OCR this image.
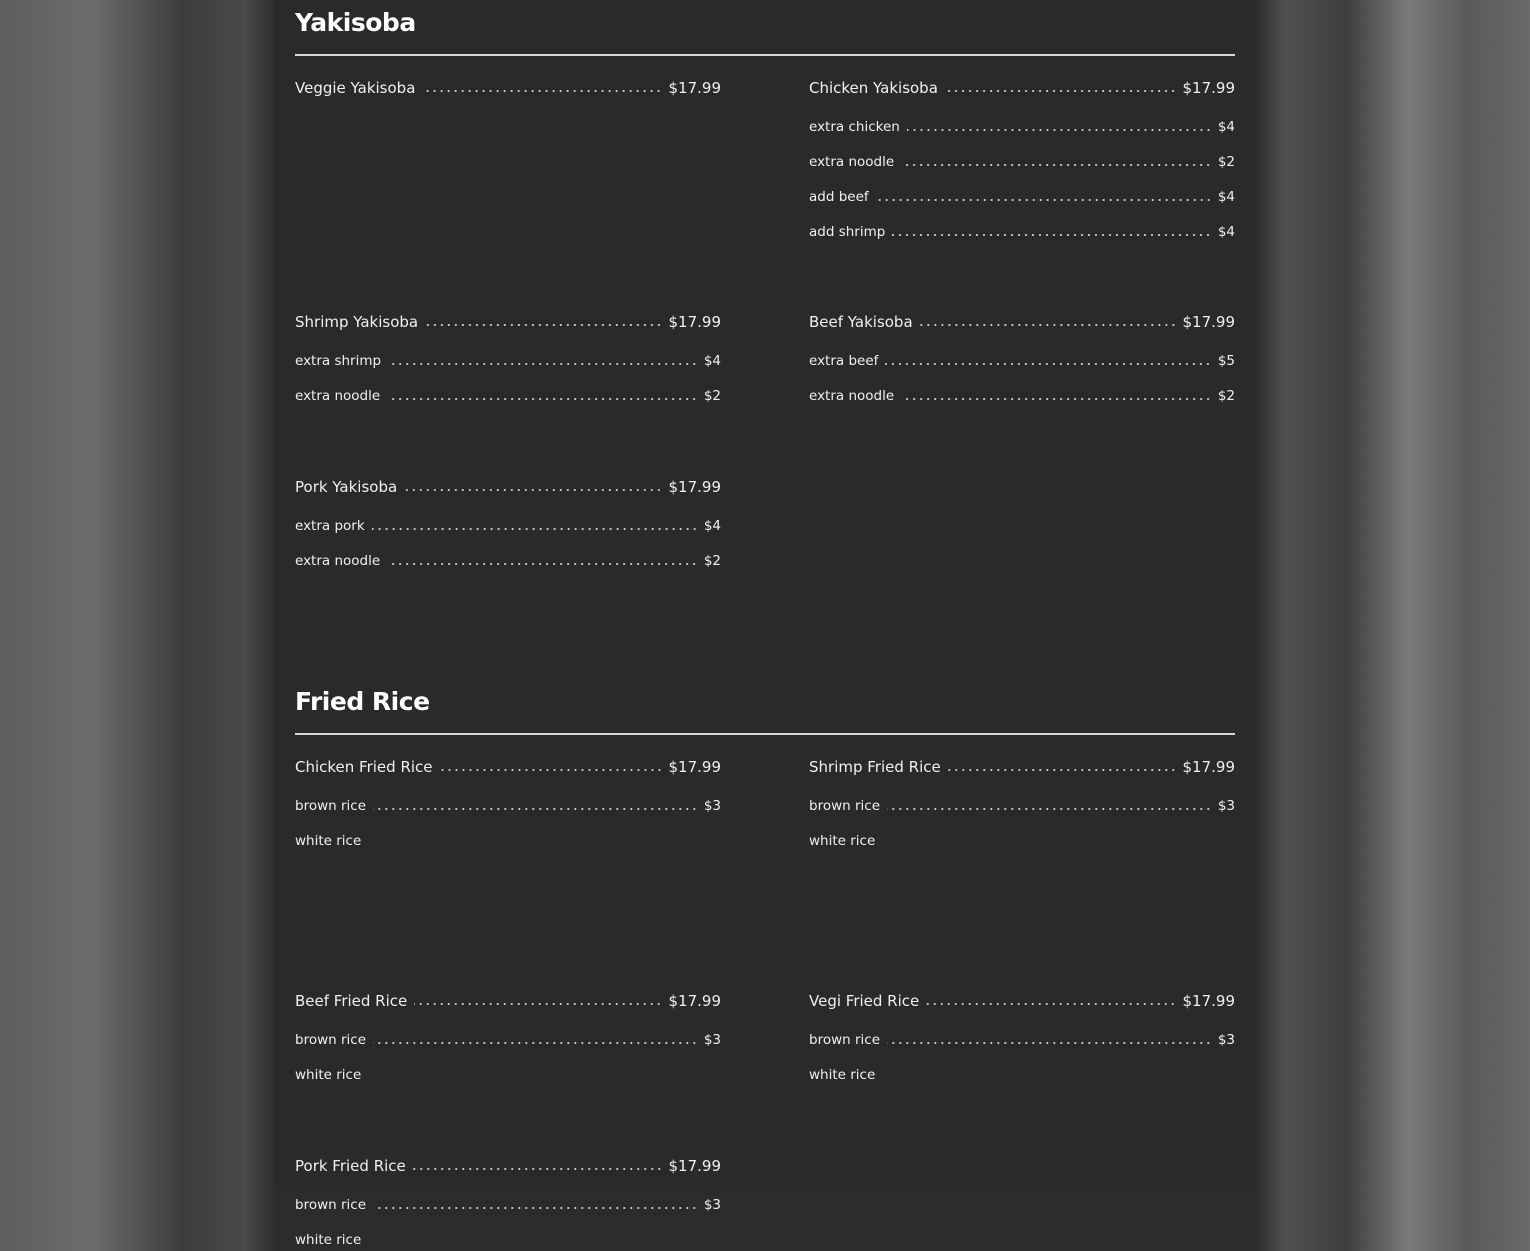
Yakisoba
Veggie Yakisoba	$17.99	Chicken Yakisoba	$17.99
extra chicken	$4
extra noodle	$2
add beef	$4
add shrimp	$4
Shrimp Yakisoba	$17.99
extra shrimp	$4
extra noodle	$2
Beef Yakisoba	$17.99
extra beef	$5
extra noodle	$2
Pork Yakisoba	$17.99
extra pork	$4
extra noodle	$2
Fried Rice
Chicken Fried Rice	$17.99
brown rice	$3
white rice
Shrimp Fried Rice	$17.99
brown rice	$3
white rice
Beef Fried Rice	$17.99
brown rice	$3
white rice
Vegi Fried Rice	$17.99
brown rice	$3
white rice
Pork Fried Rice	$17.99
brown rice	$3
white rice
